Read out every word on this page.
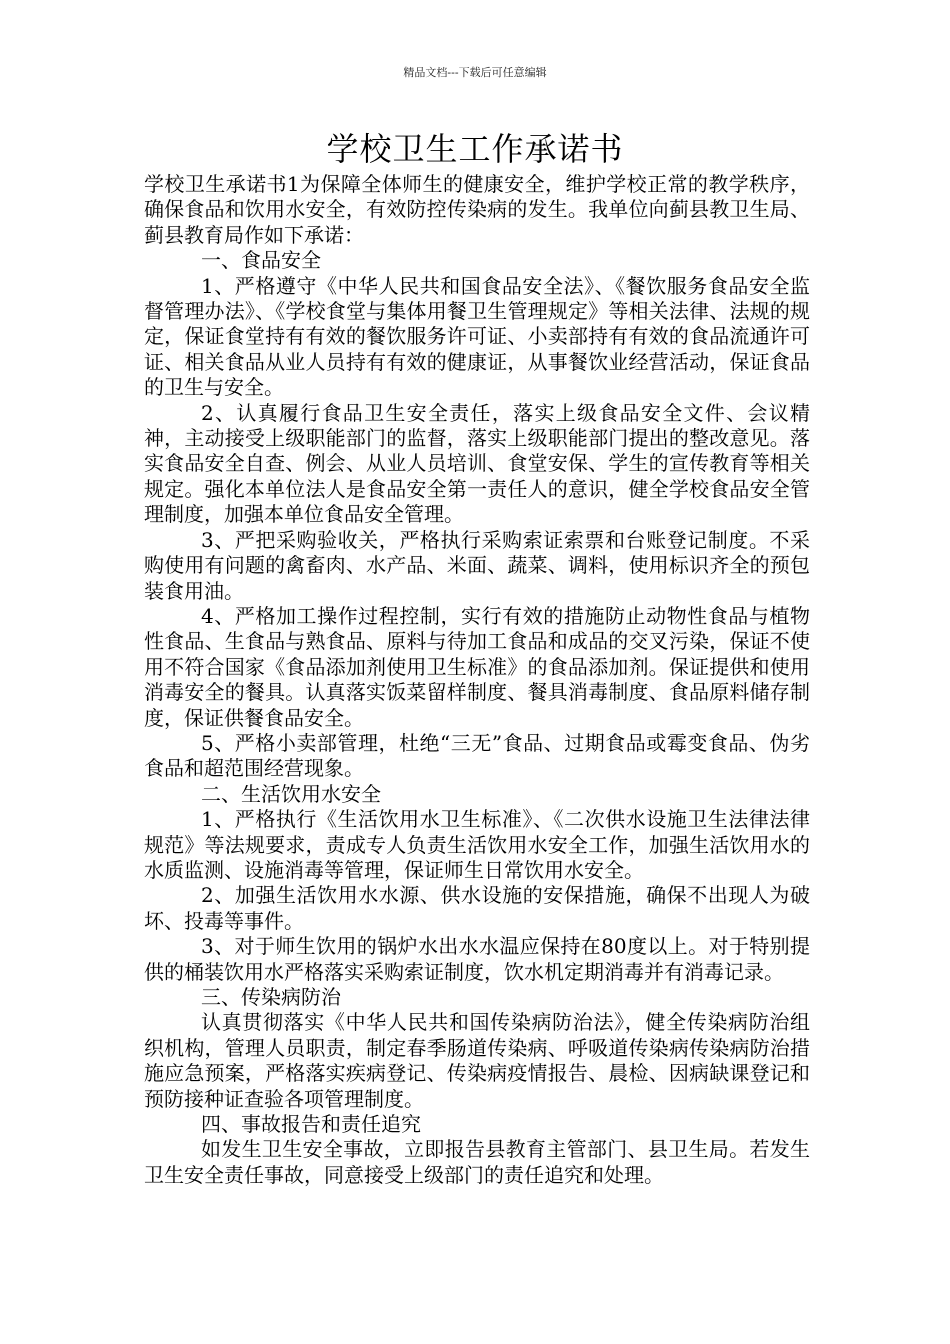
精品文档---下载后可任意编辑
学校卫生工作承诺书

学校卫生承诺书1为保障全体师生的健康安全，维护学校正常的教学秩序，确保食品和饮用水安全，有效防控传染病的发生。我单位向蓟县教卫生局、蓟县教育局作如下承诺：

一、食品安全

1、严格遵守《中华人民共和国食品安全法》、《餐饮服务食品安全监督管理办法》、《学校食堂与集体用餐卫生管理规定》等相关法律、法规的规定，保证食堂持有有效的餐饮服务许可证、小卖部持有有效的食品流通许可证、相关食品从业人员持有有效的健康证，从事餐饮业经营活动，保证食品的卫生与安全。

2、认真履行食品卫生安全责任，落实上级食品安全文件、会议精神，主动接受上级职能部门的监督，落实上级职能部门提出的整改意见。落实食品安全自查、例会、从业人员培训、食堂安保、学生的宣传教育等相关规定。强化本单位法人是食品安全第一责任人的意识，健全学校食品安全管理制度，加强本单位食品安全管理。

3、严把采购验收关，严格执行采购索证索票和台账登记制度。不采购使用有问题的禽畜肉、水产品、米面、蔬菜、调料，使用标识齐全的预包装食用油。

4、严格加工操作过程控制，实行有效的措施防止动物性食品与植物性食品、生食品与熟食品、原料与待加工食品和成品的交叉污染，保证不使用不符合国家《食品添加剂使用卫生标准》的食品添加剂。保证提供和使用消毒安全的餐具。认真落实饭菜留样制度、餐具消毒制度、食品原料储存制度，保证供餐食品安全。

5、严格小卖部管理，杜绝“三无”食品、过期食品或霉变食品、伪劣食品和超范围经营现象。

二、生活饮用水安全

1、严格执行《生活饮用水卫生标准》、《二次供水设施卫生法律法律规范》等法规要求，责成专人负责生活饮用水安全工作，加强生活饮用水的水质监测、设施消毒等管理，保证师生日常饮用水安全。

2、加强生活饮用水水源、供水设施的安保措施，确保不出现人为破坏、投毒等事件。

3、对于师生饮用的锅炉水出水水温应保持在80度以上。对于特别提供的桶装饮用水严格落实采购索证制度，饮水机定期消毒并有消毒记录。

三、传染病防治

认真贯彻落实《中华人民共和国传染病防治法》，健全传染病防治组织机构，管理人员职责，制定春季肠道传染病、呼吸道传染病传染病防治措施应急预案，严格落实疾病登记、传染病疫情报告、晨检、因病缺课登记和预防接种证查验各项管理制度。

四、事故报告和责任追究

如发生卫生安全事故，立即报告县教育主管部门、县卫生局。若发生卫生安全责任事故，同意接受上级部门的责任追究和处理。
